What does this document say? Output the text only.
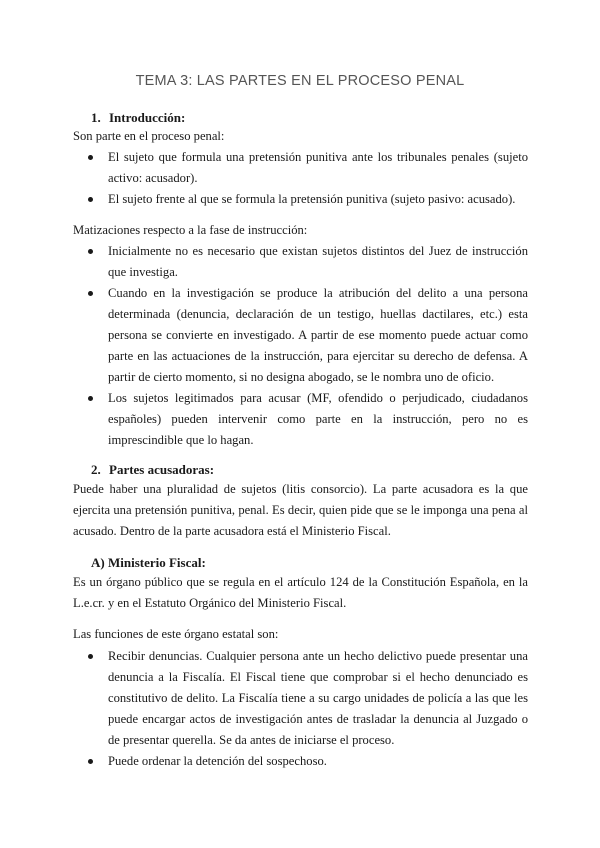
TEMA 3: LAS PARTES EN EL PROCESO PENAL
1. Introducción:

Son parte en el proceso penal:

El sujeto que formula una pretensión punitiva ante los tribunales penales (sujeto activo: acusador).
El sujeto frente al que se formula la pretensión punitiva (sujeto pasivo: acusado).

Matizaciones respecto a la fase de instrucción:

Inicialmente no es necesario que existan sujetos distintos del Juez de instrucción que investiga.
Cuando en la investigación se produce la atribución del delito a una persona determinada (denuncia, declaración de un testigo, huellas dactilares, etc.) esta persona se convierte en investigado. A partir de ese momento puede actuar como parte en las actuaciones de la instrucción, para ejercitar su derecho de defensa. A partir de cierto momento, si no designa abogado, se le nombra uno de oficio.
Los sujetos legitimados para acusar (MF, ofendido o perjudicado, ciudadanos españoles) pueden intervenir como parte en la instrucción, pero no es imprescindible que lo hagan.
2. Partes acusadoras:

Puede haber una pluralidad de sujetos (litis consorcio). La parte acusadora es la que ejercita una pretensión punitiva, penal. Es decir, quien pide que se le imponga una pena al acusado. Dentro de la parte acusadora está el Ministerio Fiscal.

A) Ministerio Fiscal:

Es un órgano público que se regula en el artículo 124 de la Constitución Española, en la L.e.cr. y en el Estatuto Orgánico del Ministerio Fiscal.

Las funciones de este órgano estatal son:

Recibir denuncias. Cualquier persona ante un hecho delictivo puede presentar una denuncia a la Fiscalía. El Fiscal tiene que comprobar si el hecho denunciado es constitutivo de delito. La Fiscalía tiene a su cargo unidades de policía a las que les puede encargar actos de investigación antes de trasladar la denuncia al Juzgado o de presentar querella. Se da antes de iniciarse el proceso.
Puede ordenar la detención del sospechoso.
